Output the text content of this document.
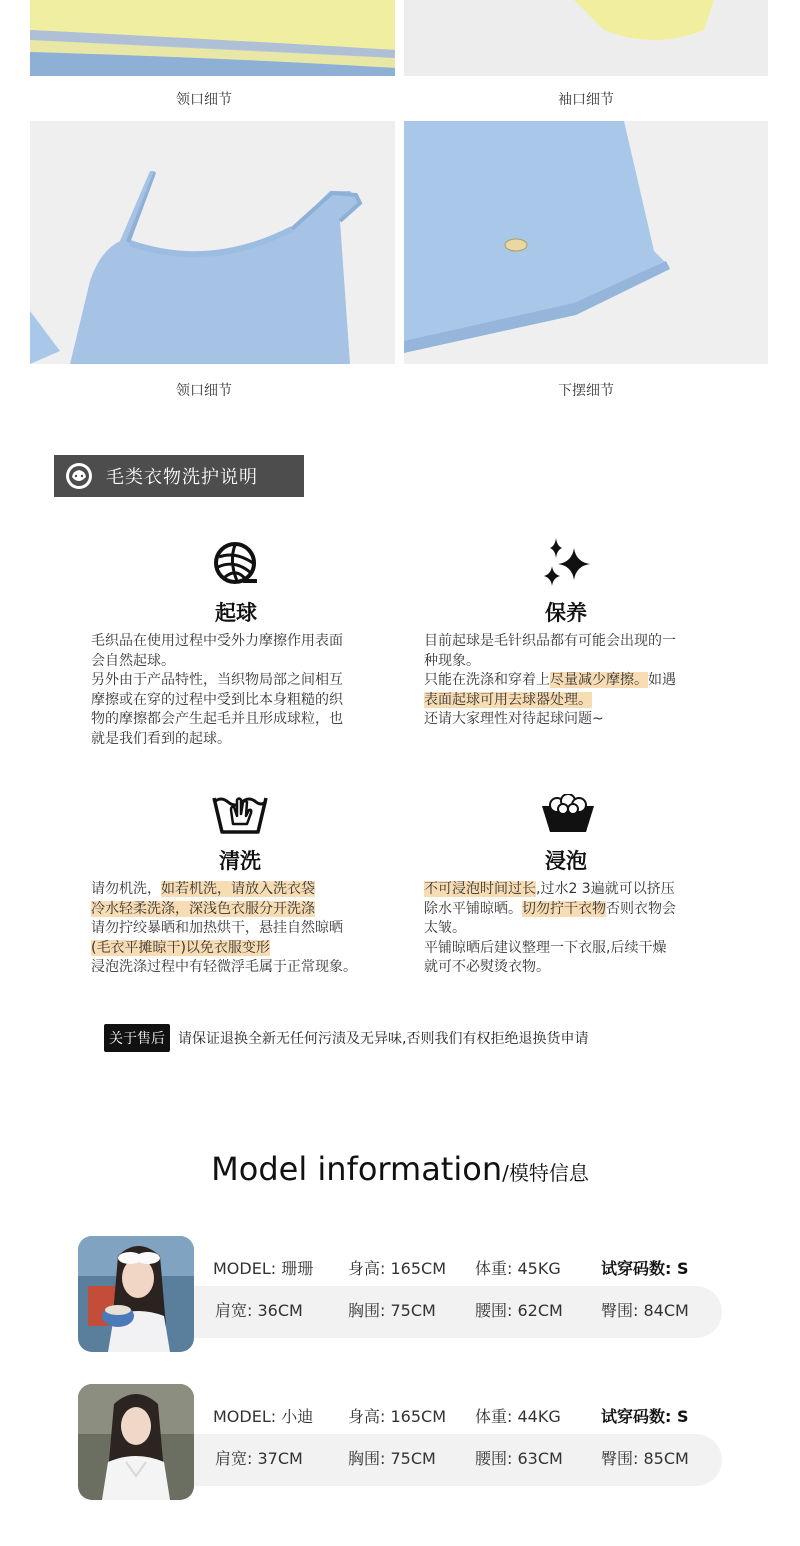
领口细节	袖口细节
领口细节	下摆细节
毛类衣物洗护说明
起球	保养
清洗	浸泡

毛织品在使用过程中受外力摩擦作用表面

会自然起球。

另外由于产品特性，当织物局部之间相互

摩擦或在穿的过程中受到比本身粗糙的织

物的摩擦都会产生起毛并且形成球粒，也

就是我们看到的起球。

目前起球是毛针织品都有可能会出现的一

种现象。

只能在洗涤和穿着上尽量减少摩擦。如遇

表面起球可用去球器处理。

还请大家理性对待起球问题~

请勿机洗，如若机洗，请放入洗衣袋

冷水轻柔洗涤，深浅色衣服分开洗涤

请勿拧绞暴晒和加热烘干，悬挂自然晾晒

(毛衣平摊晾干)以免衣服变形

浸泡洗涤过程中有轻微浮毛属于正常现象。

不可浸泡时间过长,过水2 3遍就可以挤压

除水平铺晾晒。切勿拧干衣物否则衣物会

太皱。

平铺晾晒后建议整理一下衣服,后续干燥

就可不必熨烫衣物。

关于售后 请保证退换全新无任何污渍及无异味,否则我们有权拒绝退换货申请
Model information/模特信息
MODEL: 珊珊 身高: 165CM 体重: 45KG	试穿码数: S
肩宽: 36CM	胸围: 75CM 腰围: 62CM 臀围: 84CM
MODEL: 小迪 身高: 165CM 体重: 44KG	试穿码数: S
肩宽: 37CM	胸围: 75CM 腰围: 63CM 臀围: 85CM
